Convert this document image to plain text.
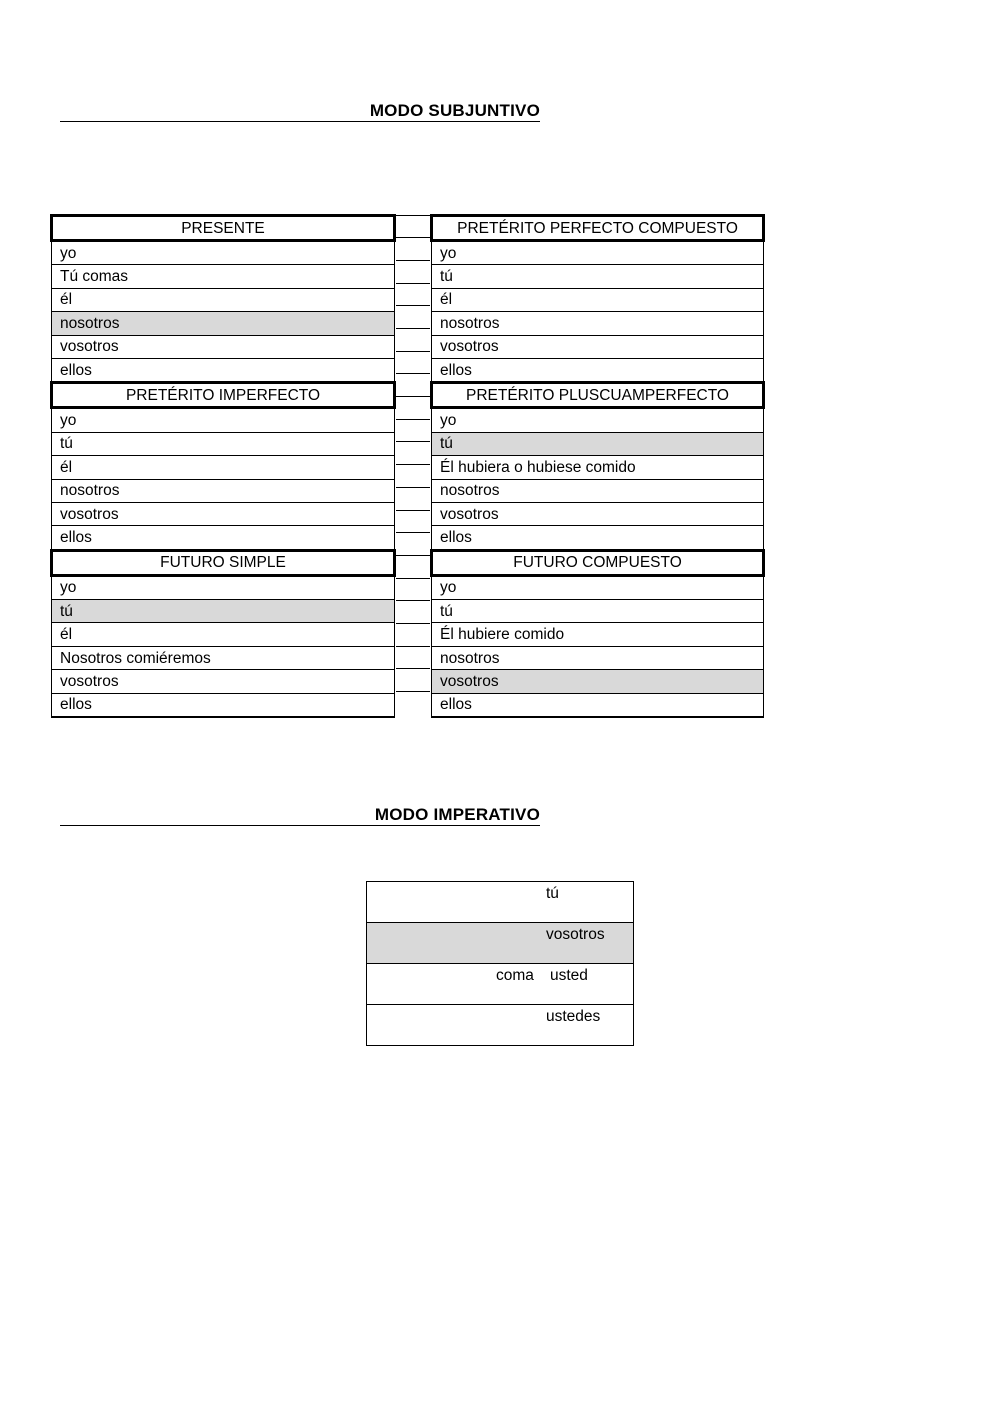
MODO SUBJUNTIVO
PRESENTE
yo
Tú comas
él
nosotros
vosotros
ellos
PRETÉRITO IMPERFECTO
yo
tú
él
nosotros
vosotros
ellos
FUTURO SIMPLE
yo
tú
él
Nosotros comiéremos
vosotros
ellos
PRETÉRITO PERFECTO COMPUESTO
yo
tú
él
nosotros
vosotros
ellos
PRETÉRITO PLUSCUAMPERFECTO
yo
tú
Él hubiera o hubiese comido
nosotros
vosotros
ellos
FUTURO COMPUESTO
yo
tú
Él hubiere comido
nosotros
vosotros
ellos
MODO IMPERATIVO
tú

vosotros

coma usted

ustedes
